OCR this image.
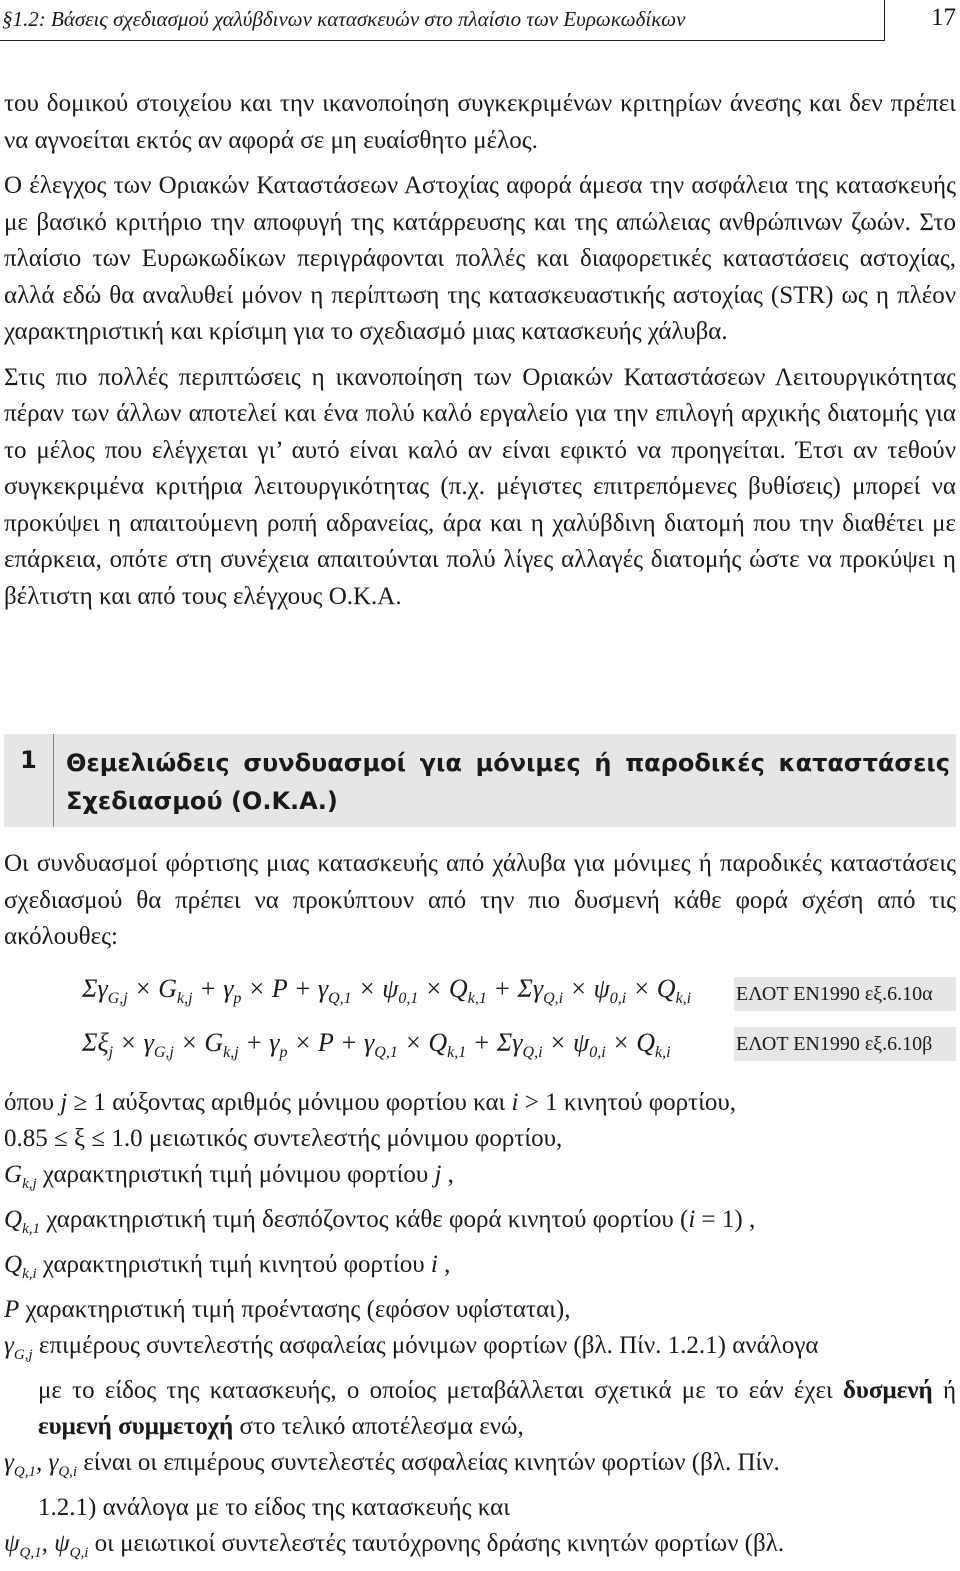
§1.2: Βάσεις σχεδιασμού χαλύβδινων κατασκευών στο πλαίσιο των Ευρωκωδίκων	17

του δομικού στοιχείου και την ικανοποίηση συγκεκριμένων κριτηρίων άνεσης και δεν πρέπει να αγνοείται εκτός αν αφορά σε μη ευαίσθητο μέλος.

Ο έλεγχος των Οριακών Καταστάσεων Αστοχίας αφορά άμεσα την ασφάλεια της κατασκευής με βασικό κριτήριο την αποφυγή της κατάρρευσης και της απώλειας ανθρώπινων ζωών. Στο πλαίσιο των Ευρωκωδίκων περιγράφονται πολλές και διαφορετικές καταστάσεις αστοχίας, αλλά εδώ θα αναλυθεί μόνον η περίπτωση της κατασκευαστικής αστοχίας (STR) ως η πλέον χαρακτηριστική και κρίσιμη για το σχεδιασμό μιας κατασκευής χάλυβα.

Στις πιο πολλές περιπτώσεις η ικανοποίηση των Οριακών Καταστάσεων Λειτουργικότητας πέραν των άλλων αποτελεί και ένα πολύ καλό εργαλείο για την επιλογή αρχικής διατομής για το μέλος που ελέγχεται γι’ αυτό είναι καλό αν είναι εφικτό να προηγείται. Έτσι αν τεθούν συγκεκριμένα κριτήρια λειτουργικότητας (π.χ. μέγιστες επιτρεπόμενες βυθίσεις) μπορεί να προκύψει η απαιτούμενη ροπή αδρανείας, άρα και η χαλύβδινη διατομή που την διαθέτει με επάρκεια, οπότε στη συνέχεια απαιτούνται πολύ λίγες αλλαγές διατομής ώστε να προκύψει η βέλτιστη και από τους ελέγχους Ο.Κ.Α.

1	Θεμελιώδεις συνδυασμοί για μόνιμες ή παροδικές καταστάσεις Σχεδιασμού (Ο.Κ.Α.)

Οι συνδυασμοί φόρτισης μιας κατασκευής από χάλυβα για μόνιμες ή παροδικές καταστάσεις σχεδιασμού θα πρέπει να προκύπτουν από την πιο δυσμενή κάθε φορά σχέση από τις ακόλουθες:

$\Sigma\gamma_{G,j} \times G_{k,j} + \gamma_p \times P + \gamma_{Q,1} \times \psi_{0,1} \times Q_{k,1} + \Sigma\gamma_{Q,i} \times \psi_{0,i} \times Q_{k,i}$ ΕΛΟΤ ΕΝ1990 εξ.6.10α
$\Sigma\xi_j \times \gamma_{G,j} \times G_{k,j} + \gamma_p \times P + \gamma_{Q,1} \times Q_{k,1} + \Sigma\gamma_{Q,i} \times \psi_{0,i} \times Q_{k,i}$	ΕΛΟΤ ΕΝ1990 εξ.6.10β

όπου j ≥ 1 αύξοντας αριθμός μόνιμου φορτίου και i > 1 κινητού φορτίου,

0.85 ≤ ξ ≤ 1.0 μειωτικός συντελεστής μόνιμου φορτίου,

$G_{k,j}$ χαρακτηριστική τιμή μόνιμου φορτίου j ,

$Q_{k,1}$ χαρακτηριστική τιμή δεσπόζοντος κάθε φορά κινητού φορτίου (i = 1) ,

$Q_{k,i}$ χαρακτηριστική τιμή κινητού φορτίου i ,

P χαρακτηριστική τιμή προέντασης (εφόσον υφίσταται),

$\gamma_{G,j}$ επιμέρους συντελεστής ασφαλείας μόνιμων φορτίων (βλ. Πίν. 1.2.1) ανάλογα

με το είδος της κατασκευής, ο οποίος μεταβάλλεται σχετικά με το εάν έχει δυσμενή ή ευμενή συμμετοχή στο τελικό αποτέλεσμα ενώ,

$\gamma_{Q,1}$, $\gamma_{Q,i}$ είναι οι επιμέρους συντελεστές ασφαλείας κινητών φορτίων (βλ. Πίν.

1.2.1) ανάλογα με το είδος της κατασκευής και

$\psi_{Q,1}$, $\psi_{Q,i}$ οι μειωτικοί συντελεστές ταυτόχρονης δράσης κινητών φορτίων (βλ.
